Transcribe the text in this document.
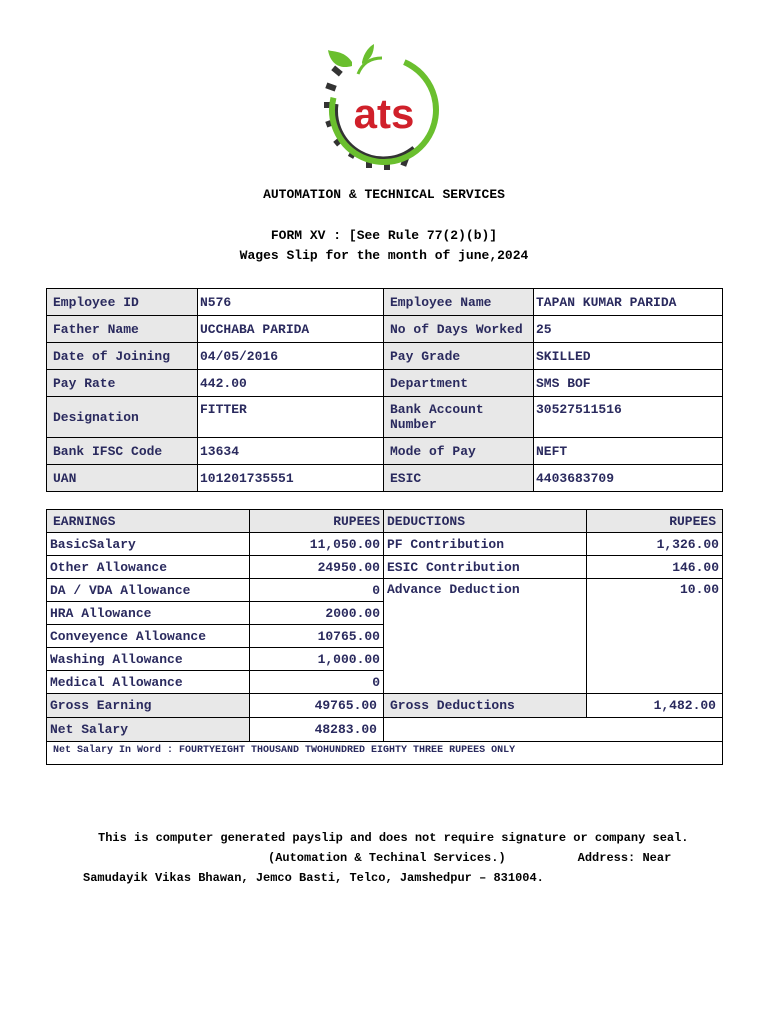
ats
AUTOMATION & TECHNICAL SERVICES
FORM XV : [See Rule 77(2)(b)]
Wages Slip for the month of june,2024
Employee ID	N576	Employee Name	TAPAN KUMAR PARIDA
Father Name	UCCHABA PARIDA	No of Days Worked	25
Date of Joining	04/05/2016	Pay Grade	SKILLED
Pay Rate	442.00	Department	SMS BOF
Designation	FITTER	Bank Account Number	30527511516
Bank IFSC Code	13634	Mode of Pay	NEFT
UAN	101201735551	ESIC	4403683709
EARNINGS	RUPEES	DEDUCTIONS	RUPEES
BasicSalary	11,050.00	PF Contribution	1,326.00
Other Allowance	24950.00	ESIC Contribution	146.00
DA / VDA Allowance	0	Advance Deduction	10.00
HRA Allowance	2000.00		
Conveyence Allowance	10765.00		
Washing Allowance	1,000.00		
Medical Allowance	0		
Gross Earning	49765.00	Gross Deductions	1,482.00
Net Salary	48283.00		
Net Salary In Word : FOURTYEIGHT THOUSAND TWOHUNDRED EIGHTY THREE RUPEES ONLY			
This is computer generated payslip and does not require signature or company seal.
(Automation & Techinal Services.)          Address: Near
Samudayik Vikas Bhawan, Jemco Basti, Telco, Jamshedpur – 831004.
